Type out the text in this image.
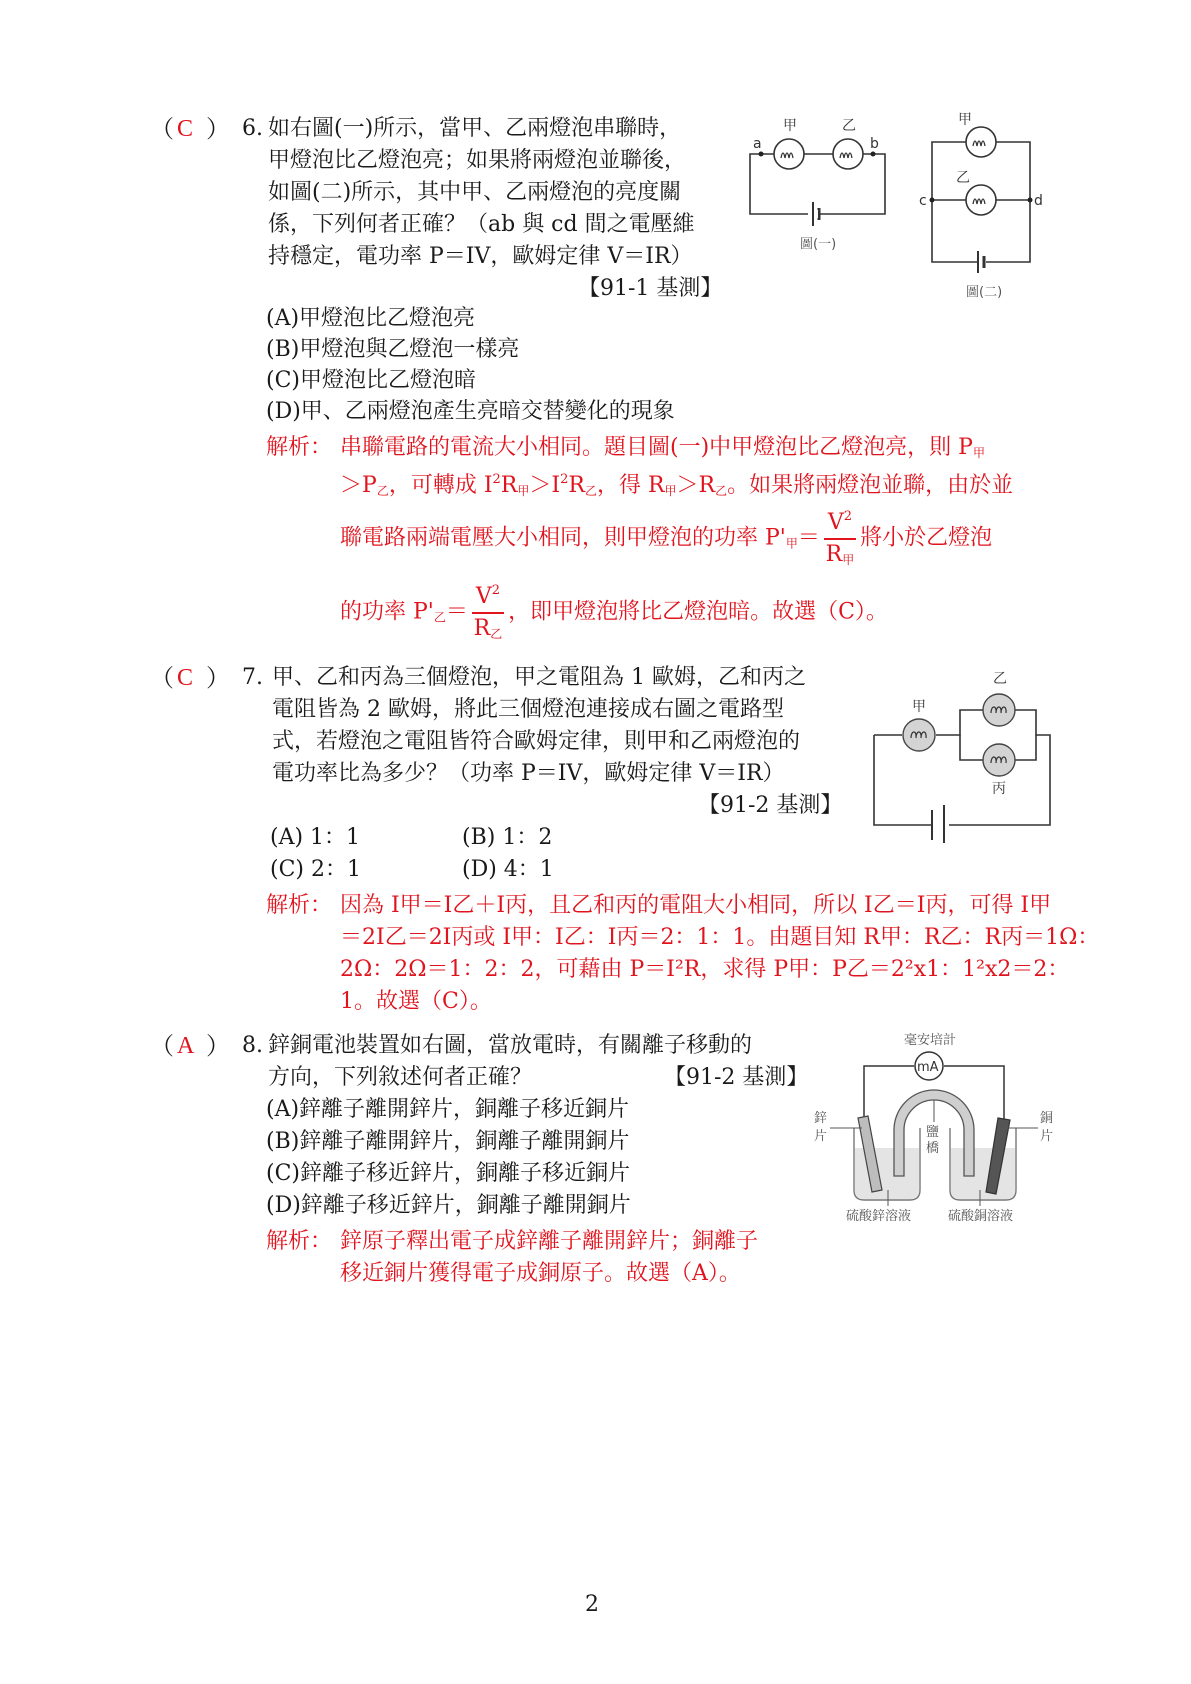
（ C ） 6. 如右圖(一)所示，當甲、乙兩燈泡串聯時，
甲燈泡比乙燈泡亮；如果將兩燈泡並聯後，
如圖(二)所示，其中甲、乙兩燈泡的亮度關
係，下列何者正確？（ab 與 cd 間之電壓維
持穩定，電功率 P＝IV，歐姆定律 V＝IR）
【91-1 基測】
(A)甲燈泡比乙燈泡亮
(B)甲燈泡與乙燈泡一樣亮
(C)甲燈泡比乙燈泡暗
(D)甲、乙兩燈泡產生亮暗交替變化的現象
解析： 串聯電路的電流大小相同。題目圖(一)中甲燈泡比乙燈泡亮，則 $P_甲$
$>P_乙$，可轉成 $I^2R_甲>I^2R_乙$，得 $R_甲>R_乙$。如果將兩燈泡並聯，由於並
聯電路兩端電壓大小相同，則甲燈泡的功率 $P'_甲= \frac{V^2}{R_甲}$ 將小於乙燈泡
的功率 $P'_乙= \frac{V^2}{R_乙}$ ，即甲燈泡將比乙燈泡暗。故選（C）。
甲	乙
a	b
圖(一)
甲
乙
c	d
圖(二)
（ C ） 7. 甲、乙和丙為三個燈泡，甲之電阻為 1 歐姆，乙和丙之
電阻皆為 2 歐姆，將此三個燈泡連接成右圖之電路型
式，若燈泡之電阻皆符合歐姆定律，則甲和乙兩燈泡的
電功率比為多少？（功率 P＝IV，歐姆定律 V＝IR）
【91-2 基測】
(A) 1：1	(B) 1：2
(C) 2：1	(D) 4：1
解析： 因為 I甲＝I乙＋I丙，且乙和丙的電阻大小相同，所以 I乙＝I丙，可得 I甲
＝2I乙＝2I丙或 I甲：I乙：I丙＝2：1：1。由題目知 R甲：R乙：R丙＝1Ω：
2Ω：2Ω＝1：2：2，可藉由 P＝I²R，求得 P甲：P乙＝2²x1：1²x2＝2：
1。故選（C）。
甲
乙
丙
（ A ） 8. 鋅銅電池裝置如右圖，當放電時，有關離子移動的
方向，下列敘述何者正確？	【91-2 基測】
(A)鋅離子離開鋅片，銅離子移近銅片
(B)鋅離子離開鋅片，銅離子離開銅片
(C)鋅離子移近鋅片，銅離子移近銅片
(D)鋅離子移近鋅片，銅離子離開銅片
解析： 鋅原子釋出電子成鋅離子離開鋅片；銅離子
移近銅片獲得電子成銅原子。故選（A）。
毫安培計
mA
鹽
橋
鋅
片
銅
片
硫酸鋅溶液	硫酸銅溶液
2
